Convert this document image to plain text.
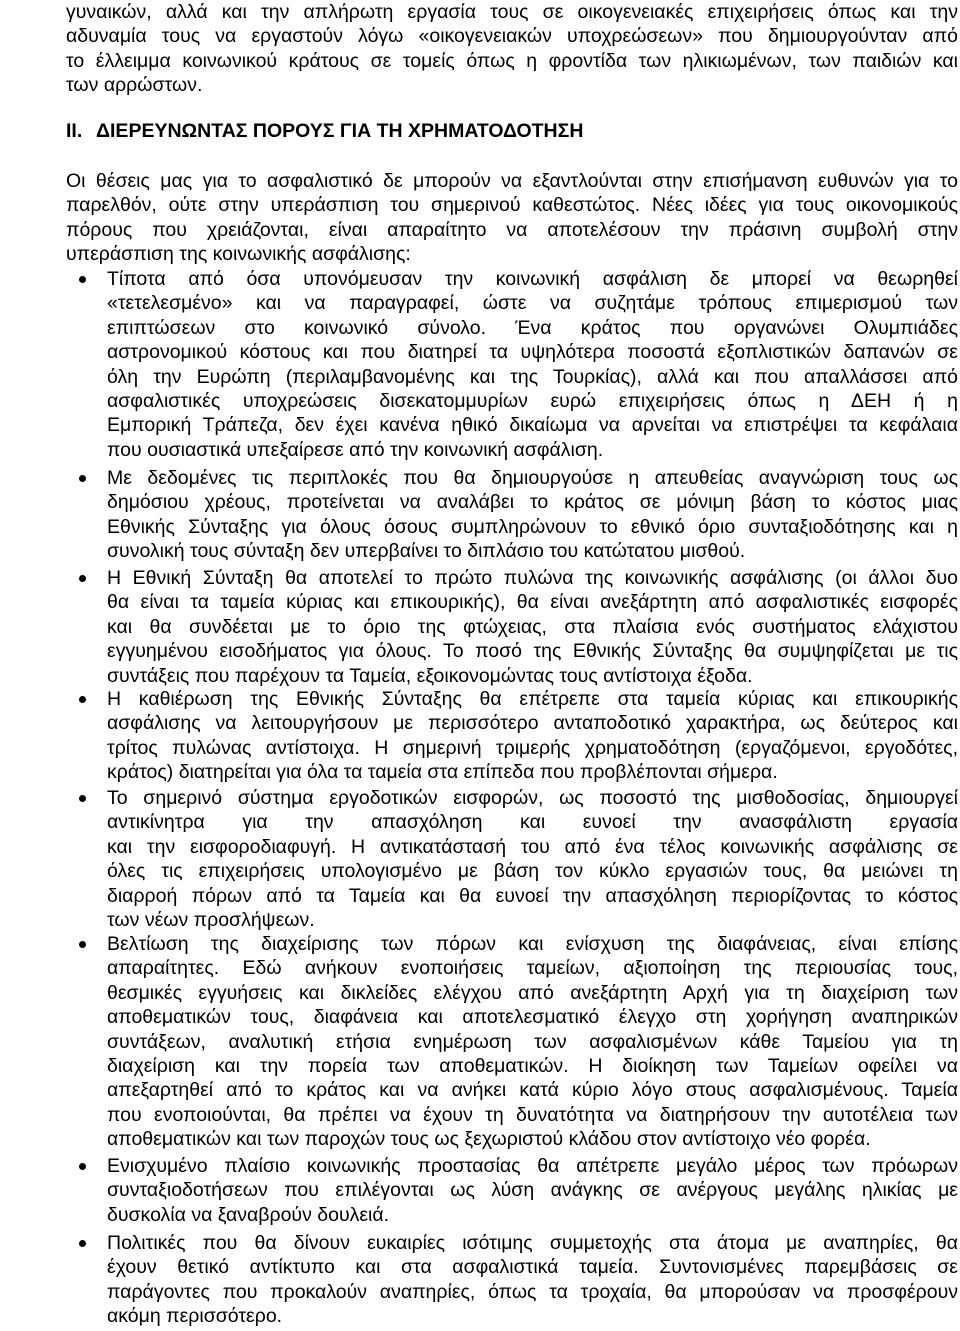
γυναικών, αλλά και την απλήρωτη εργασία τους σε οικογενειακές επιχειρήσεις όπως και την
αδυναμία τους να εργαστούν λόγω «οικογενειακών υποχρεώσεων» που δημιουργούνταν από
το έλλειμμα κοινωνικού κράτους σε τομείς όπως η φροντίδα των ηλικιωμένων, των παιδιών και
των αρρώστων.
II. ΔΙΕΡΕΥΝΩΝΤΑΣ ΠΟΡΟΥΣ ΓΙΑ ΤΗ ΧΡΗΜΑΤΟΔΟΤΗΣΗ
Οι θέσεις μας για το ασφαλιστικό δε μπορούν να εξαντλούνται στην επισήμανση ευθυνών για το
παρελθόν, ούτε στην υπεράσπιση του σημερινού καθεστώτος. Νέες ιδέες για τους οικονομικούς
πόρους που χρειάζονται, είναι απαραίτητο να αποτελέσουν την πράσινη συμβολή στην
υπεράσπιση της κοινωνικής ασφάλισης:
Τίποτα από όσα υπονόμευσαν την κοινωνική ασφάλιση δε μπορεί να θεωρηθεί
«τετελεσμένο» και να παραγραφεί, ώστε να συζητάμε τρόπους επιμερισμού των
επιπτώσεων στο κοινωνικό σύνολο. Ένα κράτος που οργανώνει Ολυμπιάδες
αστρονομικού κόστους και που διατηρεί τα υψηλότερα ποσοστά εξοπλιστικών δαπανών σε
όλη την Ευρώπη (περιλαμβανομένης και της Τουρκίας), αλλά και που απαλλάσσει από
ασφαλιστικές υποχρεώσεις δισεκατομμυρίων ευρώ επιχειρήσεις όπως η ΔΕΗ ή η
Εμπορική Τράπεζα, δεν έχει κανένα ηθικό δικαίωμα να αρνείται να επιστρέψει τα κεφάλαια
που ουσιαστικά υπεξαίρεσε από την κοινωνική ασφάλιση.
Με δεδομένες τις περιπλοκές που θα δημιουργούσε η απευθείας αναγνώριση τους ως
δημόσιου χρέους, προτείνεται να αναλάβει το κράτος σε μόνιμη βάση το κόστος μιας
Εθνικής Σύνταξης για όλους όσους συμπληρώνουν το εθνικό όριο συνταξιοδότησης και η
συνολική τους σύνταξη δεν υπερβαίνει το διπλάσιο του κατώτατου μισθού.
Η Εθνική Σύνταξη θα αποτελεί το πρώτο πυλώνα της κοινωνικής ασφάλισης (οι άλλοι δυο
θα είναι τα ταμεία κύριας και επικουρικής), θα είναι ανεξάρτητη από ασφαλιστικές εισφορές
και θα συνδέεται με το όριο της φτώχειας, στα πλαίσια ενός συστήματος ελάχιστου
εγγυημένου εισοδήματος για όλους. Το ποσό της Εθνικής Σύνταξης θα συμψηφίζεται με τις
συντάξεις που παρέχουν τα Ταμεία, εξοικονομώντας τους αντίστοιχα έξοδα.
Η καθιέρωση της Εθνικής Σύνταξης θα επέτρεπε στα ταμεία κύριας και επικουρικής
ασφάλισης να λειτουργήσουν με περισσότερο ανταποδοτικό χαρακτήρα, ως δεύτερος και
τρίτος πυλώνας αντίστοιχα. Η σημερινή τριμερής χρηματοδότηση (εργαζόμενοι, εργοδότες,
κράτος) διατηρείται για όλα τα ταμεία στα επίπεδα που προβλέπονται σήμερα.
Το σημερινό σύστημα εργοδοτικών εισφορών, ως ποσοστό της μισθοδοσίας, δημιουργεί
αντικίνητρα για την απασχόληση και ευνοεί την ανασφάλιστη εργασία
και την εισφοροδιαφυγή. Η αντικατάστασή του από ένα τέλος κοινωνικής ασφάλισης σε
όλες τις επιχειρήσεις υπολογισμένο με βάση τον κύκλο εργασιών τους, θα μειώνει τη
διαρροή πόρων από τα Ταμεία και θα ευνοεί την απασχόληση περιορίζοντας το κόστος
των νέων προσλήψεων.
Βελτίωση της διαχείρισης των πόρων και ενίσχυση της διαφάνειας, είναι επίσης
απαραίτητες. Εδώ ανήκουν ενοποιήσεις ταμείων, αξιοποίηση της περιουσίας τους,
θεσμικές εγγυήσεις και δικλείδες ελέγχου από ανεξάρτητη Αρχή για τη διαχείριση των
αποθεματικών τους, διαφάνεια και αποτελεσματικό έλεγχο στη χορήγηση αναπηρικών
συντάξεων, αναλυτική ετήσια ενημέρωση των ασφαλισμένων κάθε Ταμείου για τη
διαχείριση και την πορεία των αποθεματικών. Η διοίκηση των Ταμείων οφείλει να
απεξαρτηθεί από το κράτος και να ανήκει κατά κύριο λόγο στους ασφαλισμένους. Ταμεία
που ενοποιούνται, θα πρέπει να έχουν τη δυνατότητα να διατηρήσουν την αυτοτέλεια των
αποθεματικών και των παροχών τους ως ξεχωριστού κλάδου στον αντίστοιχο νέο φορέα.
Ενισχυμένο πλαίσιο κοινωνικής προστασίας θα απέτρεπε μεγάλο μέρος των πρόωρων
συνταξιοδοτήσεων που επιλέγονται ως λύση ανάγκης σε ανέργους μεγάλης ηλικίας με
δυσκολία να ξαναβρούν δουλειά.
Πολιτικές που θα δίνουν ευκαιρίες ισότιμης συμμετοχής στα άτομα με αναπηρίες, θα
έχουν θετικό αντίκτυπο και στα ασφαλιστικά ταμεία. Συντονισμένες παρεμβάσεις σε
παράγοντες που προκαλούν αναπηρίες, όπως τα τροχαία, θα μπορούσαν να προσφέρουν
ακόμη περισσότερο.
